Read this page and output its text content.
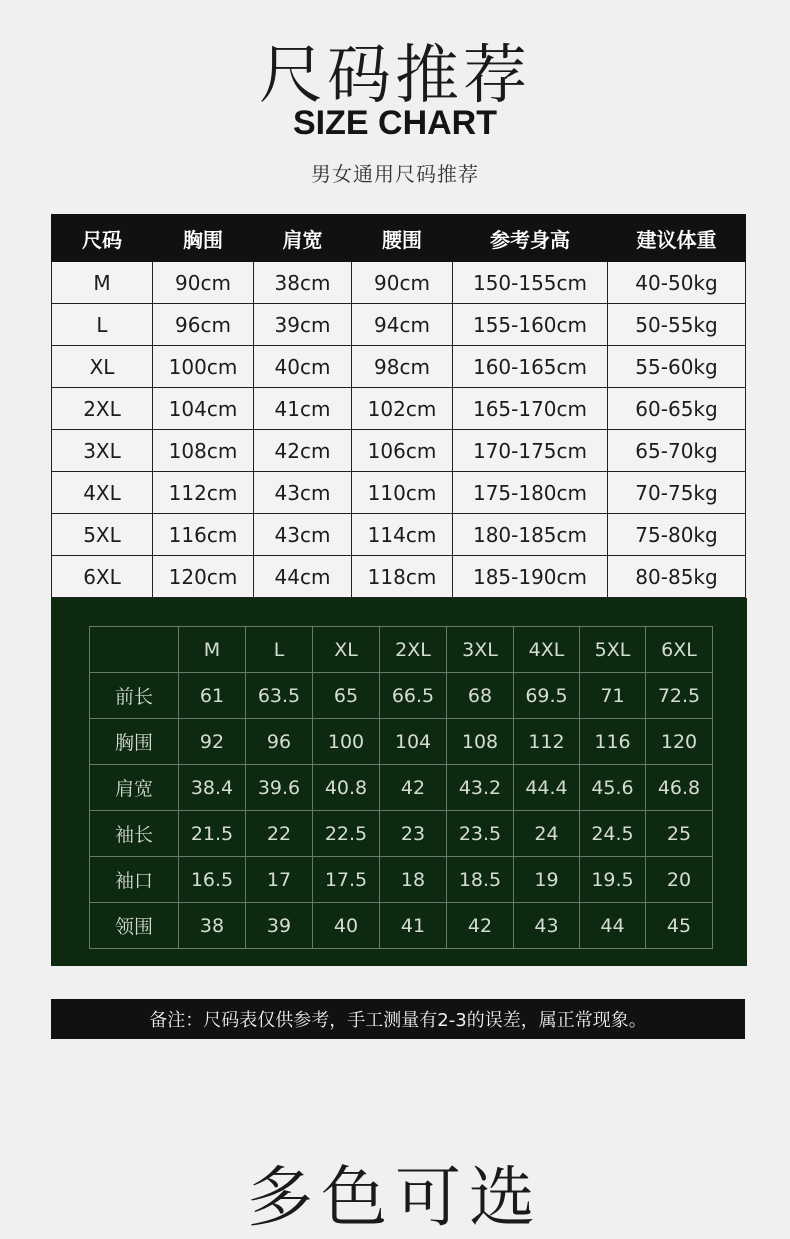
尺码推荐
SIZE CHART
男女通用尺码推荐
尺码	胸围	肩宽	腰围	参考身高	建议体重
M	90cm	38cm	90cm	150-155cm	40-50kg
L	96cm	39cm	94cm	155-160cm	50-55kg
XL	100cm	40cm	98cm	160-165cm	55-60kg
2XL	104cm	41cm	102cm	165-170cm	60-65kg
3XL	108cm	42cm	106cm	170-175cm	65-70kg
4XL	112cm	43cm	110cm	175-180cm	70-75kg
5XL	116cm	43cm	114cm	180-185cm	75-80kg
6XL	120cm	44cm	118cm	185-190cm	80-85kg
	M	L	XL	2XL	3XL	4XL	5XL	6XL
前长	61	63.5	65	66.5	68	69.5	71	72.5
胸围	92	96	100	104	108	112	116	120
肩宽	38.4	39.6	40.8	42	43.2	44.4	45.6	46.8
袖长	21.5	22	22.5	23	23.5	24	24.5	25
袖口	16.5	17	17.5	18	18.5	19	19.5	20
领围	38	39	40	41	42	43	44	45
备注：尺码表仅供参考，手工测量有2-3的误差，属正常现象。
多色可选
